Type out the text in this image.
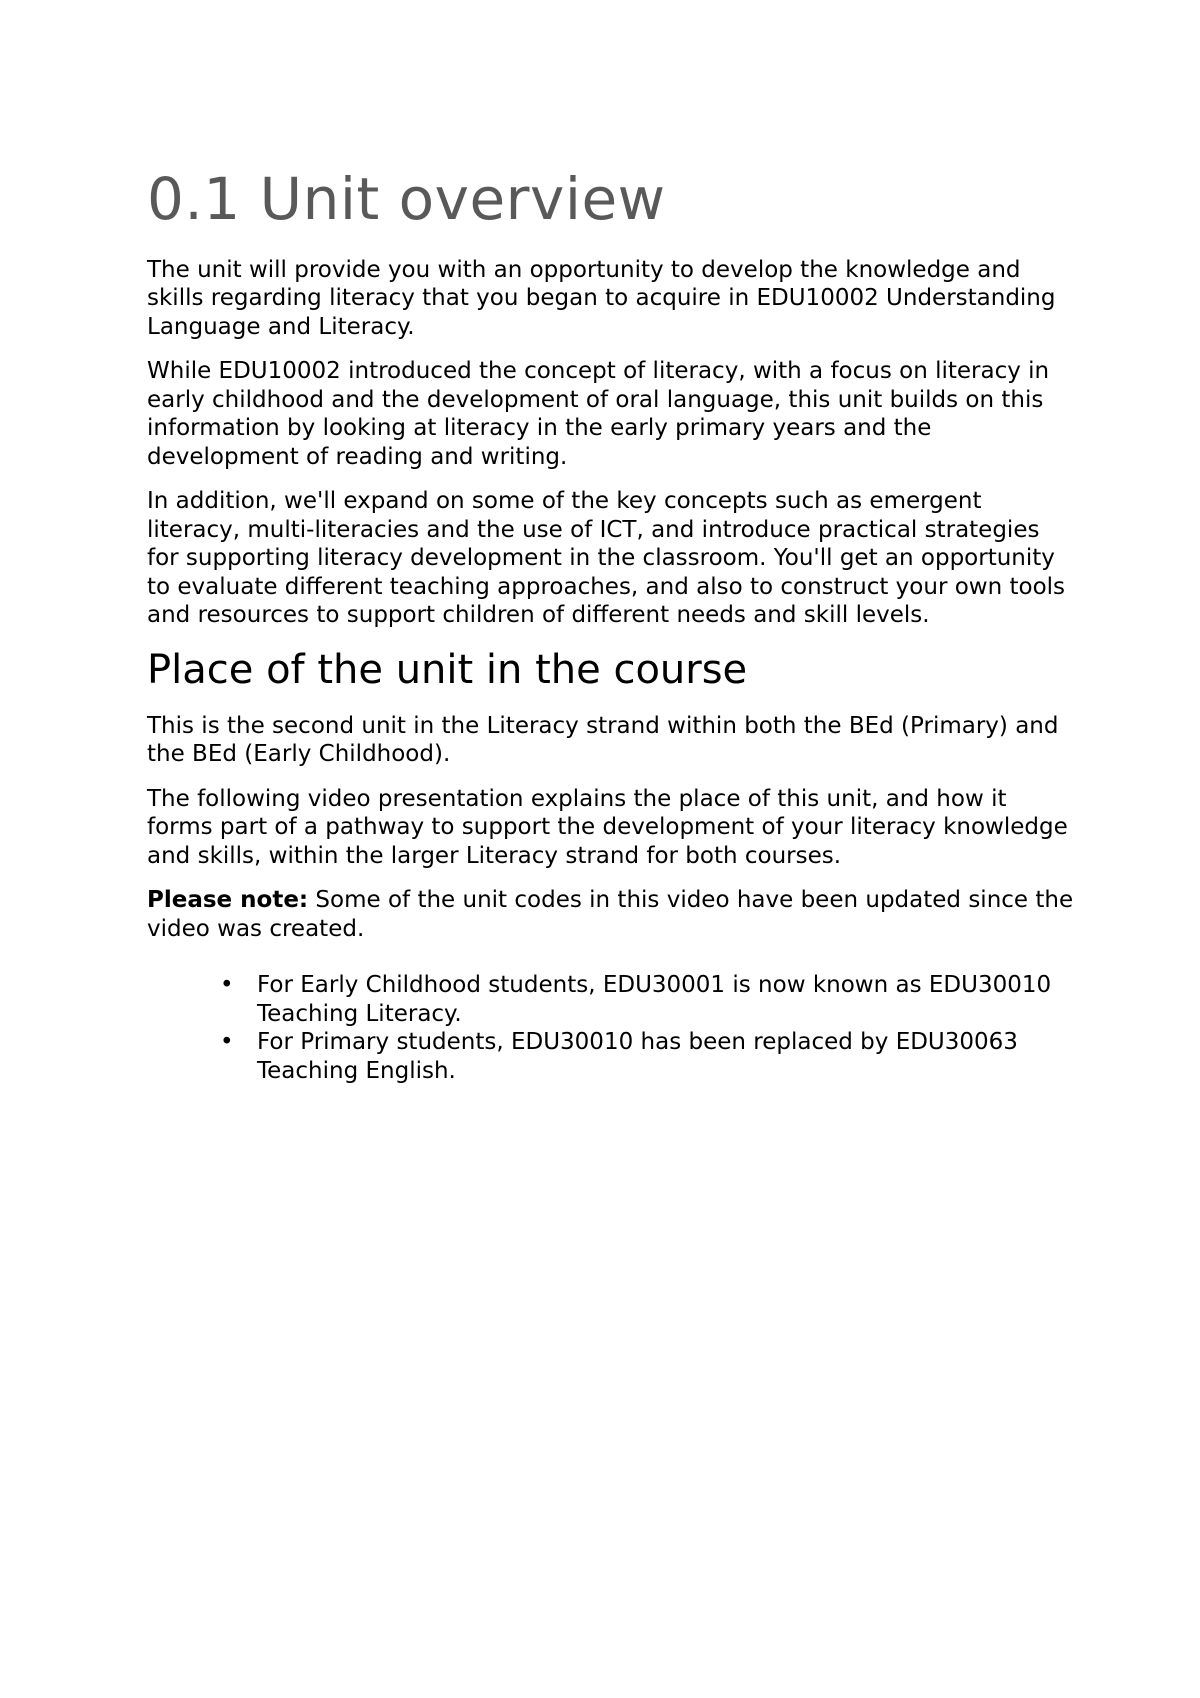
0.1 Unit overview

The unit will provide you with an opportunity to develop the knowledge and skills regarding literacy that you began to acquire in EDU10002 Understanding Language and Literacy.

While EDU10002 introduced the concept of literacy, with a focus on literacy in early childhood and the development of oral language, this unit builds on this information by looking at literacy in the early primary years and the development of reading and writing.

In addition, we'll expand on some of the key concepts such as emergent literacy, multi-literacies and the use of ICT, and introduce practical strategies for supporting literacy development in the classroom. You'll get an opportunity to evaluate different teaching approaches, and also to construct your own tools and resources to support children of different needs and skill levels.

Place of the unit in the course

This is the second unit in the Literacy strand within both the BEd (Primary) and the BEd (Early Childhood).

The following video presentation explains the place of this unit, and how it forms part of a pathway to support the development of your literacy knowledge and skills, within the larger Literacy strand for both courses.

Please note: Some of the unit codes in this video have been updated since the video was created.

• For Early Childhood students, EDU30001 is now known as EDU30010 Teaching Literacy.
• For Primary students, EDU30010 has been replaced by EDU30063 Teaching English.
